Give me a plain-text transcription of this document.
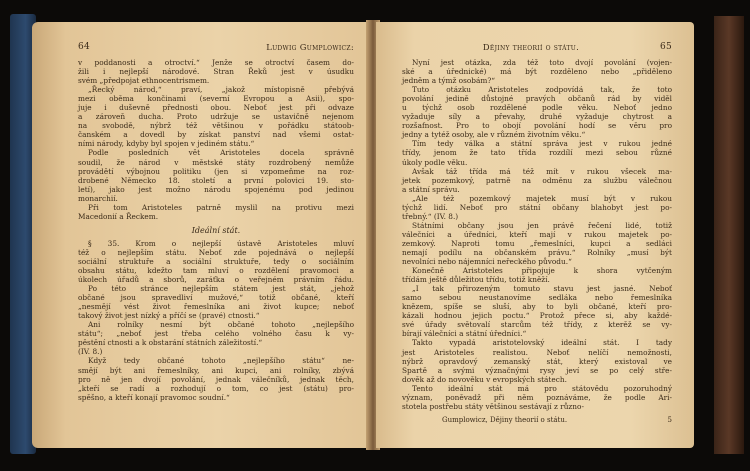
64	Ludwig Gumplowicz:
v poddanosti a otroctví.“ Jenže se otroctví časem do-
žili i nejlepší národové. Stran Řeků jest v úsudku
svém „předpojat ethnocentrismem.
„Řecký národ,“ praví, „jakož místopisně přebývá
mezi oběma končinami (severní Evropou a Asii), spo-
juje i duševně přednosti obou. Neboť jest při odvaze
a zároveň ducha. Proto udržuje se ustavičně nejenom
na svobodě, nýbrž též většinou v pořádku státoob-
čanském a dovedl by získat panství nad všemi ostat-
ními národy, kdyby byl spojen v jediném státu.“
Podle posledních vět Aristoteles docela správně
soudil, že národ v městské státy rozdrobený nemůže
provádětí výbojnou politiku (jen si vzpomeňme na roz-
drobené Německo 18. století a první polovici 19. sto-
letí), jako jest možno národu spojenému pod jedinou
monarchií.
Při tom Aristoteles patrně myslil na protivu mezi
Macedonií a Řeckem.
Ideální stát.
§ 35. Krom o nejlepší ústavě Aristoteles mluví
též o nejlepším státu. Neboť zde pojednává o nejlepší
sociální struktuře a sociální struktuře, tedy o sociálním
obsahu státu, kdežto tam mluví o rozdělení pravomoci a
úkolech úřadů a sborů, zaráťka o veřejném právním řádu.
Po této stránce nejlepším státem jest stát, „jehož
občané jsou spravedliví mužové,“ totiž občané, kteří
„nesmějí vést život řemeslníka ani život kupce; neboť
takový život jest nízký a příčí se (pravé) ctnosti.“
Ani rolníky nesmí být občané tohoto „nejlepšího
státu“; „neboť jest třeba celého volného času k vy-
pěstění ctnosti a k obstarání státních záležitostí.“
(IV. 8.)
Když tedy občané tohoto „nejlepšího státu“ ne-
smějí být ani řemeslníky, ani kupci, ani rolníky, zbývá
pro ně jen dvojí povolání, jednak válečníků, jednak těch,
„kteří se radí a rozhodují o tom, co jest (státu) pro-
spěšno, a kteří konají pravomoc soudní.“
Dějiny theorií o státu.	65
Nyní jest otázka, zda též toto dvojí povolání (vojen-
ské a úřednické) má být rozděleno nebo „přiděleno
jedněm a týmž osobám?“
Tuto otázku Aristoteles zodpovídá tak, že toto
povolání jedině důstojné pravých občanů rád by viděl
u týchž osob rozdělené podle věku. Neboť jedno
vyžaduje síly a převahy, druhé vyžaduje chytrost a
rozšafnost. Pro to obojí povolání hodí se věru pro
jedny a tytéž osoby, ale v různém životním věku.“
Tím tedy válka a státní správa jest v rukou jedné
třídy, jenom že tato třída rozdílí mezi sebou různé
úkoly podle věku.
Avšak táž třída má též mít v rukou všecek ma-
jetek pozemkový, patrně na odměnu za službu válečnou
a státní správu.
„Ale též pozemkový majetek musí být v rukou
týchž lidí. Neboť pro státní občany blahobyt jest po-
třebný.“ (IV. 8.)
Státními občany jsou jen právě řečení lidé, totiž
válečníci a úředníci, kteří mají v rukou majetek po-
zemkový. Naproti tomu „řemeslníci, kupci a sedláci
nemají podílu na občanském právu.“ Rolníky „musí být
nevolníci nebo nájemníci neřeckého původu.“
Konečně Aristoteles připojuje k shora vytčeným
třídám ještě důležitou třídu, totiž kněží.
„I tak přirozeným tomuto stavu jest jasné. Neboť
samo sebou neustanovíme sedláka nebo řemeslníka
knězem, spíše se sluší, aby to byli občané, kteří pro-
kázali hodnou jejich poctu.“ Protož přece si, aby každé-
své úřady světovalí starcům též třídy, z kterěž se vy-
bírají válečníci a státní úředníci.“
Takto vypadá aristotelovský ideální stát. I tady
jest Aristoteles realistou. Neboť nelíčí nemožnosti,
nýbrž opravdový zemanský stát, který existoval ve
Spartě a svými význačnými rysy jeví se po celý stře-
dověk až do novověku v evropských státech.
Tento ideální stát má pro státovědu pozoruhodný
význam, poněvadž při něm poznáváme, že podle Ari-
stotela postřebu státy většinou sestávají z různo-
Gumplowicz, Dějiny theorií o státu.	5
